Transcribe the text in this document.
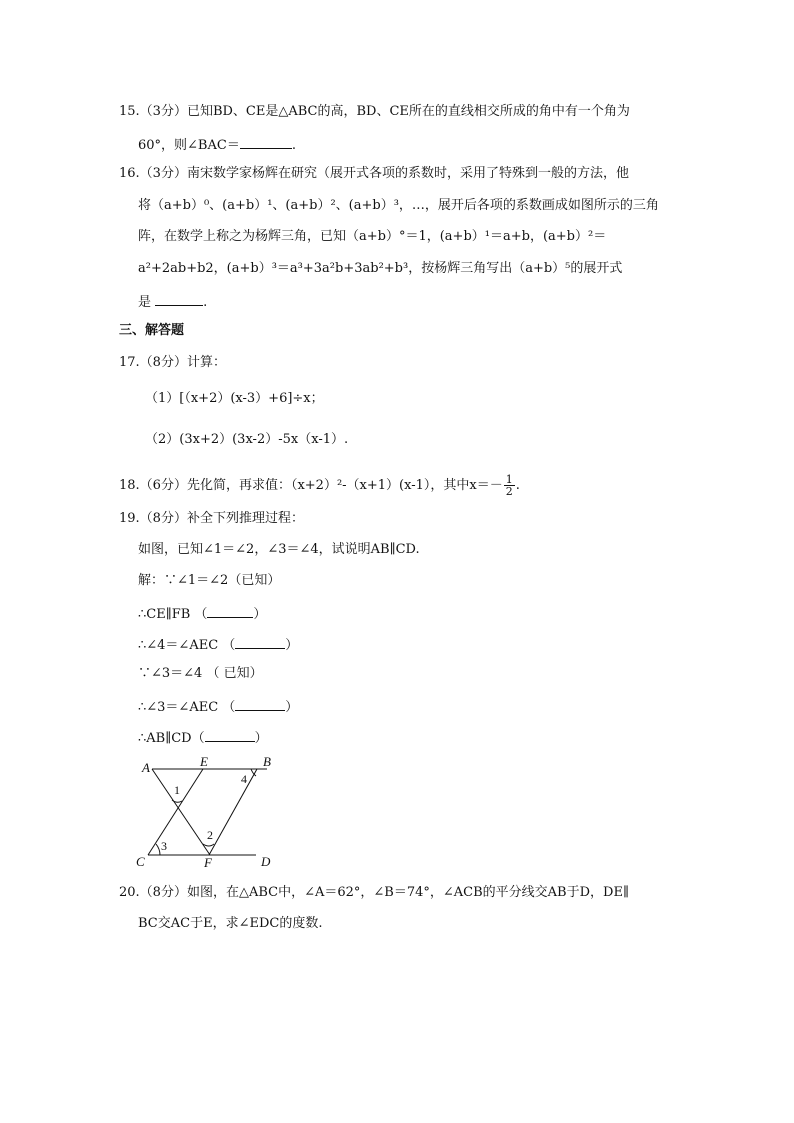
15.（3分）已知BD、CE是△ABC的高，BD、CE所在的直线相交所成的角中有一个角为
60°，则∠BAC＝	.
16.（3分）南宋数学家杨辉在研究（展开式各项的系数时，采用了特殊到一般的方法，他
将（a+b）⁰、(a+b）¹、(a+b）²、(a+b）³，…，展开后各项的系数画成如图所示的三角
阵，在数学上称之为杨辉三角，已知（a+b）°＝1，(a+b）¹＝a+b，(a+b）²＝
a²+2ab+b2，(a+b）³＝a³+3a²b+3ab²+b³，按杨辉三角写出（a+b）⁵的展开式
是	.
三、解答题
17.（8分）计算：
（1）[（x+2）(x-3）+6]÷x；
（2）(3x+2）(3x-2）-5x（x-1）.
18.（6分）先化简，再求值：（x+2）²-（x+1）(x-1），其中$x=- \frac{1}{2}$ .
19.（8分）补全下列推理过程：
如图，已知∠1＝∠2，∠3＝∠4，试说明AB∥CD.
解：∵∠1＝∠2（已知）
∴CE∥FB （	）
∴∠4＝∠AEC （	）
∵∠3＝∠4 （ 已知）
∴∠3＝∠AEC （	）
∴AB∥CD（	）
A	E	B
C	F	D
1
2
3
4
20.（8分）如图，在△ABC中，∠A＝62°，∠B＝74°，∠ACB的平分线交AB于D，DE∥
BC交AC于E，求∠EDC的度数.
